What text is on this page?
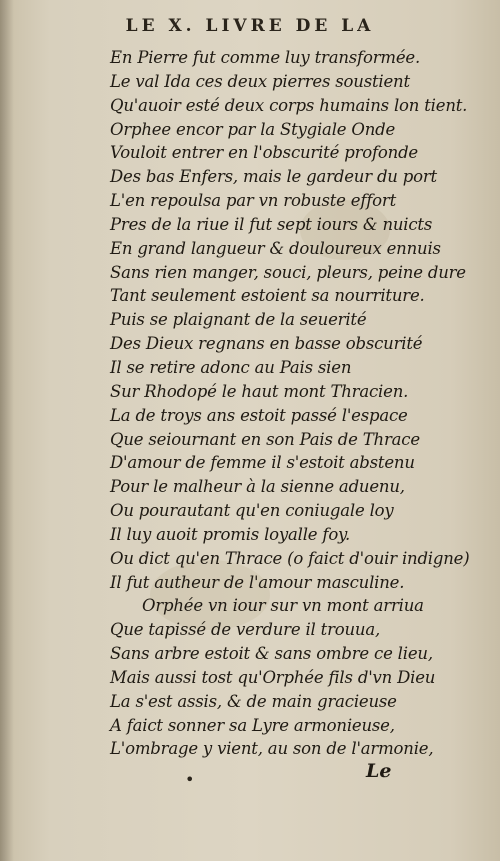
LE X. LIVRE DE LA
En Pierre fut comme luy transformée.
Le val Ida ces deux pierres soustient
Qu'auoir esté deux corps humains lon tient.
Orphee encor par la Stygiale Onde
Vouloit entrer en l'obscurité profonde
Des bas Enfers, mais le gardeur du port
L'en repoulsa par vn robuste effort
Pres de la riue il fut sept iours & nuicts
En grand langueur & douloureux ennuis
Sans rien manger, souci, pleurs, peine dure
Tant seulement estoient sa nourriture.
Puis se plaignant de la seuerité
Des Dieux regnans en basse obscurité
Il se retire adonc au Pais sien
Sur Rhodopé le haut mont Thracien.
La de troys ans estoit passé l'espace
Que seiournant en son Pais de Thrace
D'amour de femme il s'estoit abstenu
Pour le malheur à la sienne aduenu,
Ou pourautant qu'en coniugale loy
Il luy auoit promis loyalle foy.
Ou dict qu'en Thrace (o faict d'ouir indigne)
Il fut autheur de l'amour masculine.
Orphée vn iour sur vn mont arriua
Que tapissé de verdure il trouua,
Sans arbre estoit & sans ombre ce lieu,
Mais aussi tost qu'Orphée fils d'vn Dieu
La s'est assis, & de main gracieuse
A faict sonner sa Lyre armonieuse,
L'ombrage y vient, au son de l'armonie,
•	Le
